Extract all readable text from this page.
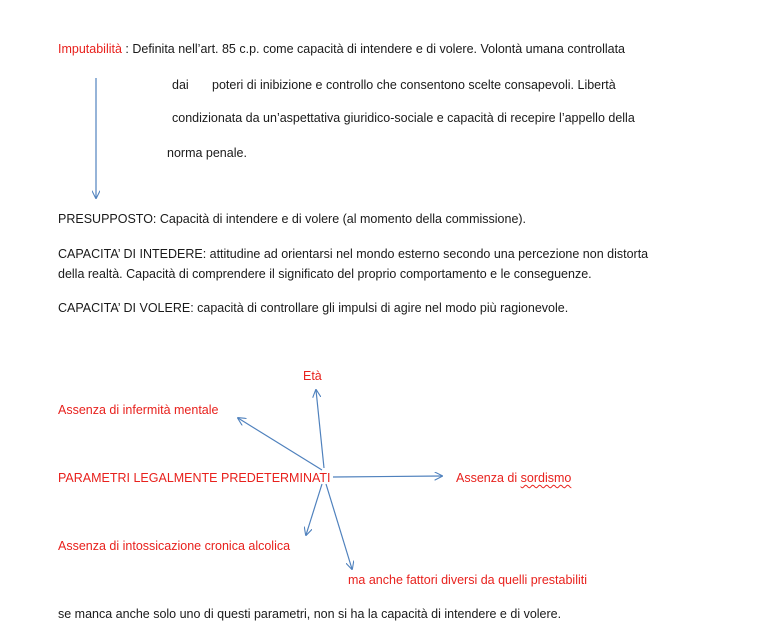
Imputabilità : Definita nell’art. 85 c.p. come capacità di intendere e di volere. Volontà umana controllata
dai poteri di inibizione e controllo che consentono scelte consapevoli. Libertà
condizionata da un’aspettativa giuridico-sociale e capacità di recepire l’appello della
norma penale.
PRESUPPOSTO: Capacità di intendere e di volere (al momento della commissione).
CAPACITA’ DI INTEDERE: attitudine ad orientarsi nel mondo esterno secondo una percezione non distorta
della realtà. Capacità di comprendere il significato del proprio comportamento e le conseguenze.
CAPACITA’ DI VOLERE: capacità di controllare gli impulsi di agire nel modo più ragionevole.
Età
Assenza di infermità mentale
PARAMETRI LEGALMENTE PREDETERMINATI	Assenza di sordismo
Assenza di intossicazione cronica alcolica
ma anche fattori diversi da quelli prestabiliti
se manca anche solo uno di questi parametri, non si ha la capacità di intendere e di volere.
